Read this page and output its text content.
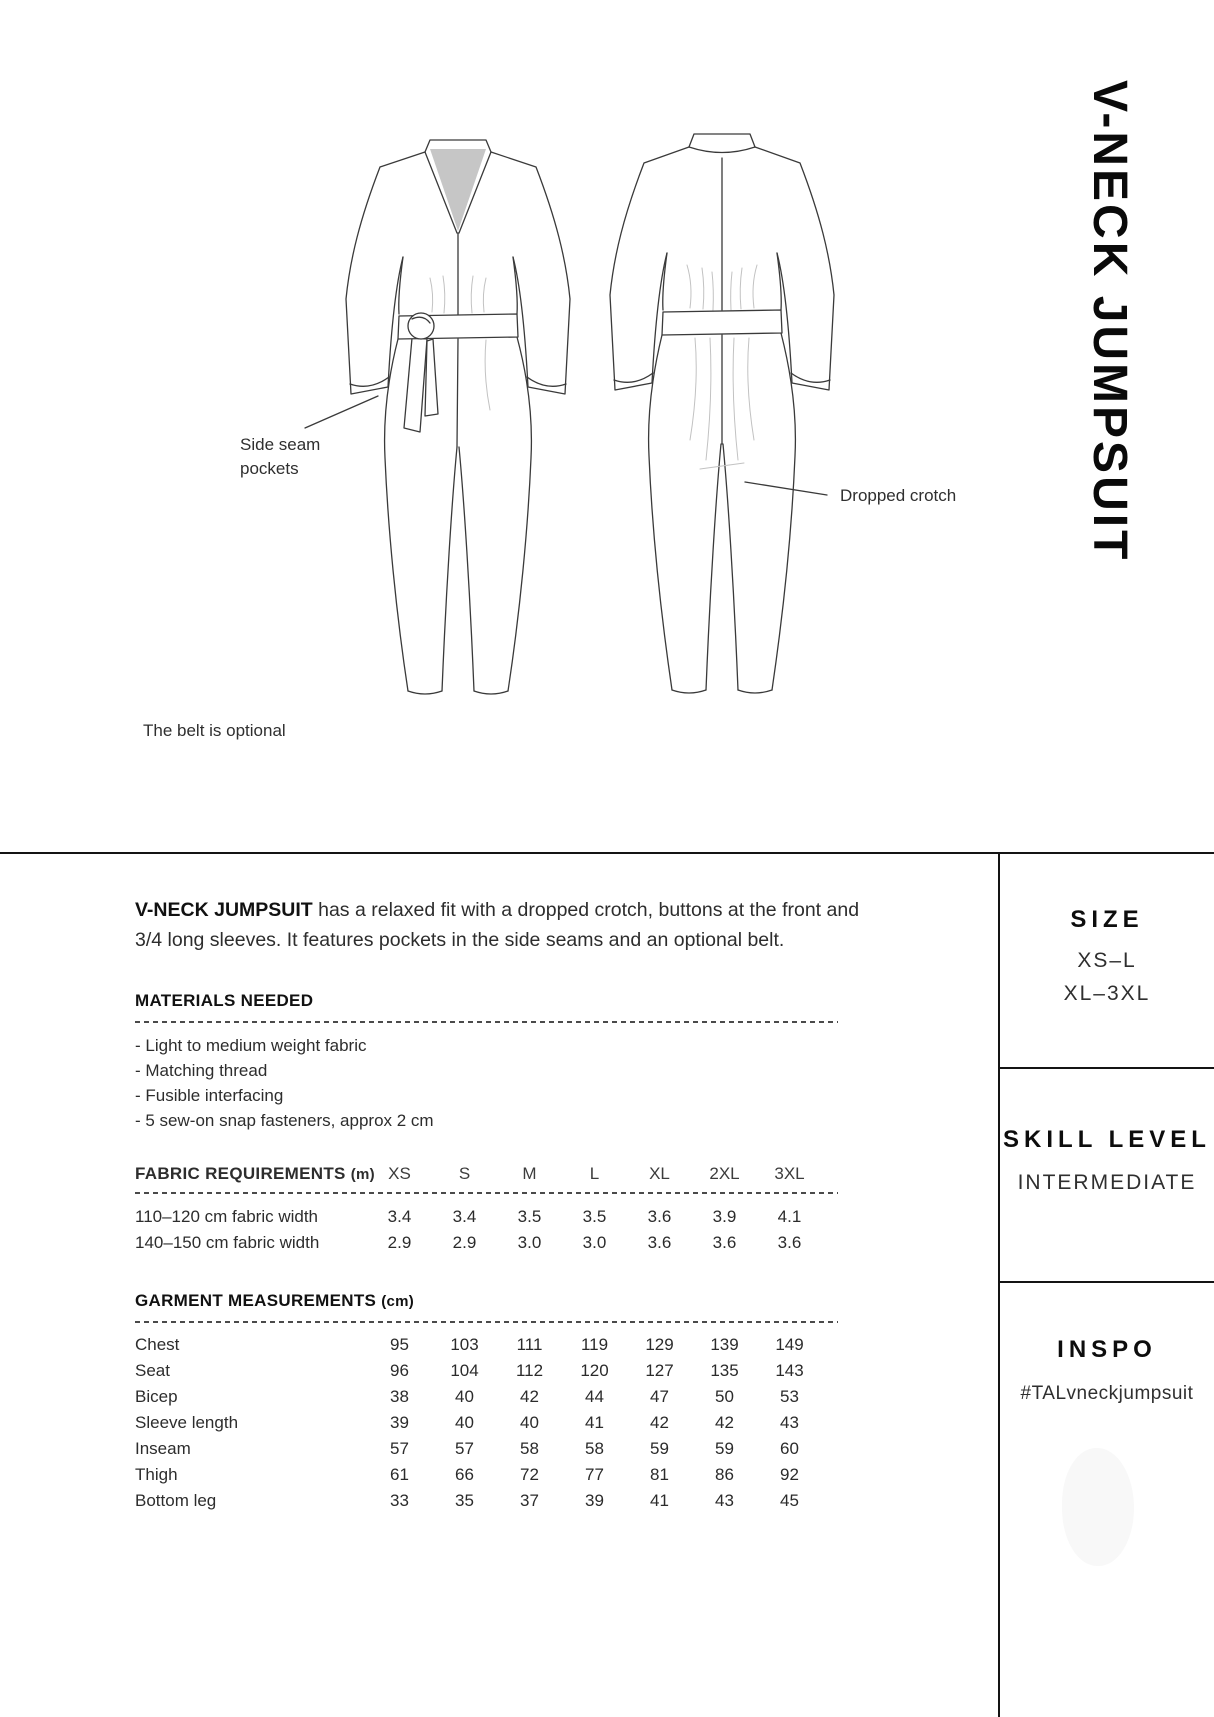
Side seam pockets
Dropped crotch
The belt is optional
V-NECK JUMPSUIT
V-NECK JUMPSUIT has a relaxed fit with a dropped crotch, buttons at the front and
3/4 long sleeves. It features pockets in the side seams and an optional belt.
MATERIALS NEEDED
- Light to medium weight fabric
- Matching thread
- Fusible interfacing
- 5 sew-on snap fasteners, approx 2 cm
FABRIC REQUIREMENTS (m) XS	S	M	L	XL	2XL	3XL
110–120 cm fabric width	3.4	3.4	3.5	3.5	3.6	3.9	4.1
140–150 cm fabric width	2.9	2.9	3.0	3.0	3.6	3.6	3.6
GARMENT MEASUREMENTS (cm)
Chest	95	103	111	119	129	139	149
Seat	96	104	112	120	127	135	143
Bicep	38	40	42	44	47	50	53
Sleeve length	39	40	40	41	42	42	43
Inseam	57	57	58	58	59	59	60
Thigh	61	66	72	77	81	86	92
Bottom leg	33	35	37	39	41	43	45
SIZE
XS–L
XL–3XL
SKILL LEVEL
INTERMEDIATE
INSPO
#TALvneckjumpsuit
